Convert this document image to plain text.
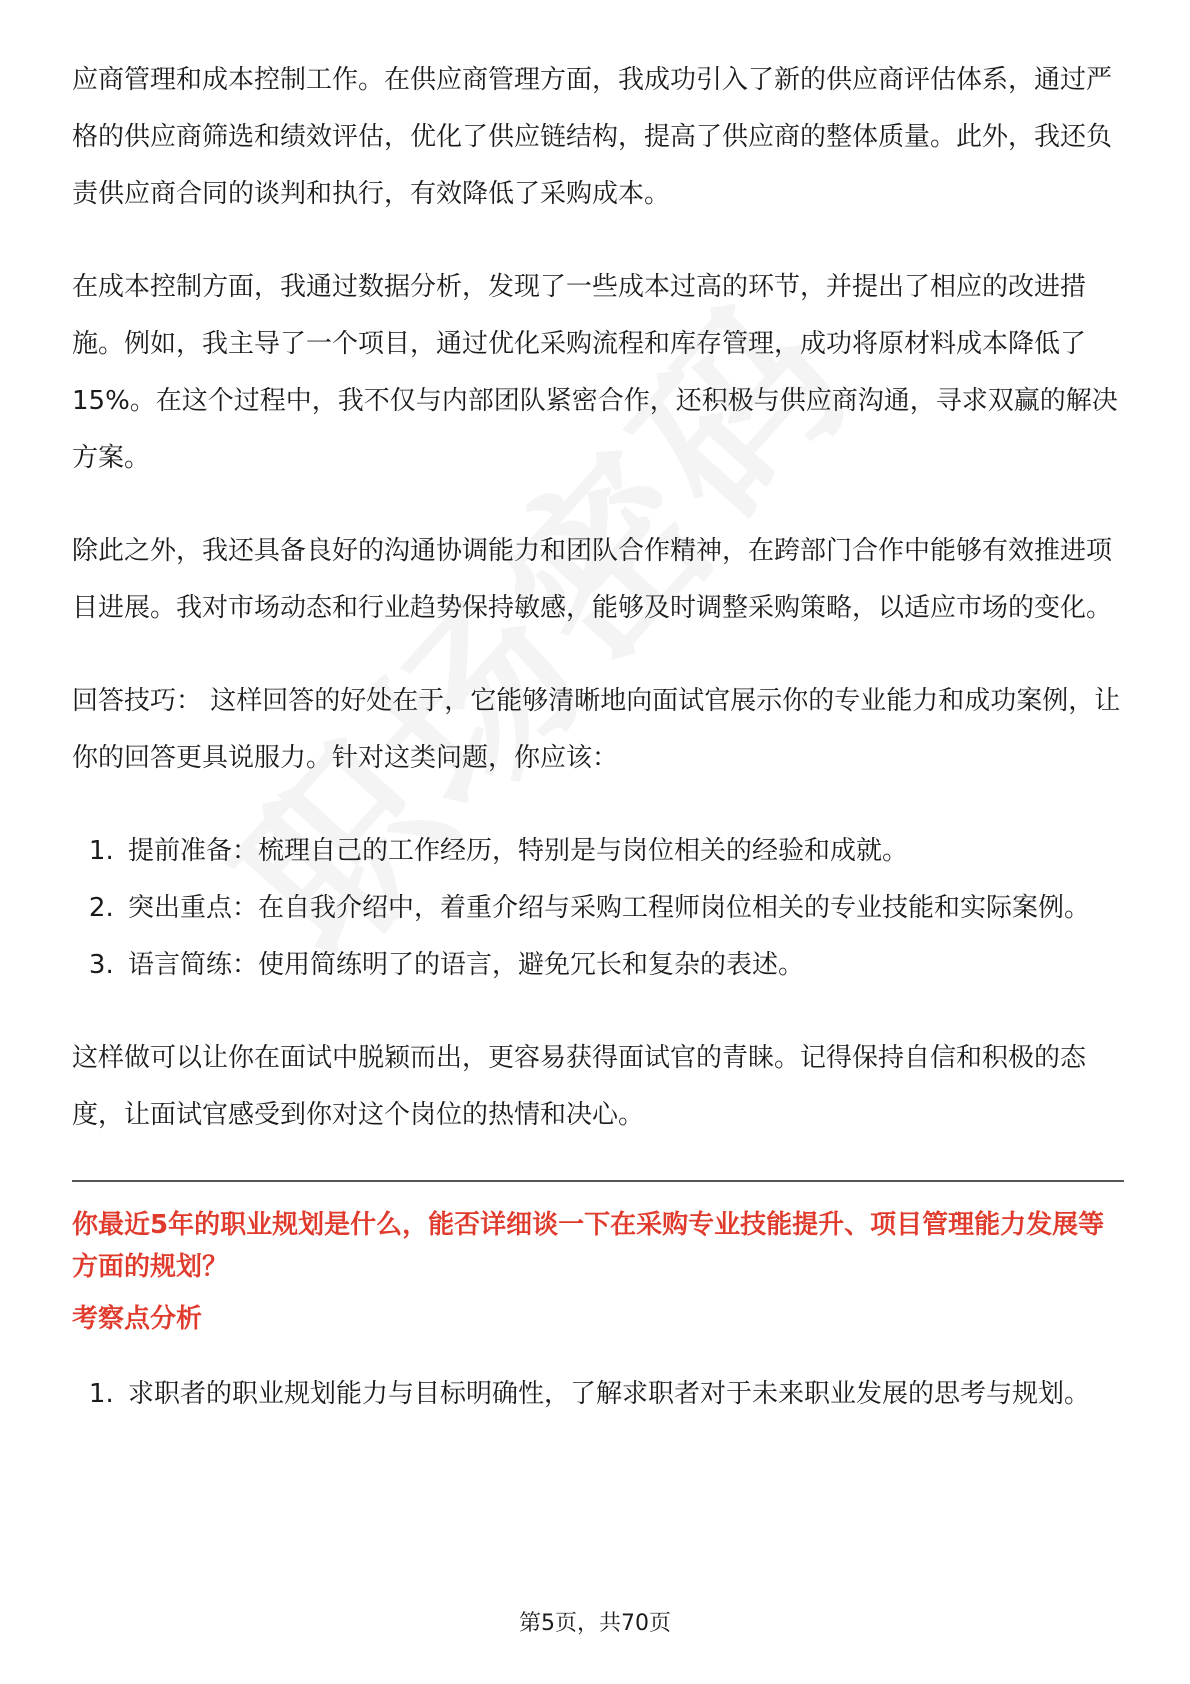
应商管理和成本控制工作。在供应商管理方面，我成功引入了新的供应商评估体系，通过严格的供应商筛选和绩效评估，优化了供应链结构，提高了供应商的整体质量。此外，我还负责供应商合同的谈判和执行，有效降低了采购成本。

在成本控制方面，我通过数据分析，发现了一些成本过高的环节，并提出了相应的改进措施。例如，我主导了一个项目，通过优化采购流程和库存管理，成功将原材料成本降低了15%。在这个过程中，我不仅与内部团队紧密合作，还积极与供应商沟通，寻求双赢的解决方案。

除此之外，我还具备良好的沟通协调能力和团队合作精神，在跨部门合作中能够有效推进项目进展。我对市场动态和行业趋势保持敏感，能够及时调整采购策略，以适应市场的变化。

回答技巧： 这样回答的好处在于，它能够清晰地向面试官展示你的专业能力和成功案例，让你的回答更具说服力。针对这类问题，你应该：

1. 提前准备：梳理自己的工作经历，特别是与岗位相关的经验和成就。
2. 突出重点：在自我介绍中，着重介绍与采购工程师岗位相关的专业技能和实际案例。
3. 语言简练：使用简练明了的语言，避免冗长和复杂的表述。

这样做可以让你在面试中脱颖而出，更容易获得面试官的青睐。记得保持自信和积极的态度，让面试官感受到你对这个岗位的热情和决心。

你最近5年的职业规划是什么，能否详细谈一下在采购专业技能提升、项目管理能力发展等方面的规划？
考察点分析
1. 求职者的职业规划能力与目标明确性，了解求职者对于未来职业发展的思考与规划。
第5页，共70页
